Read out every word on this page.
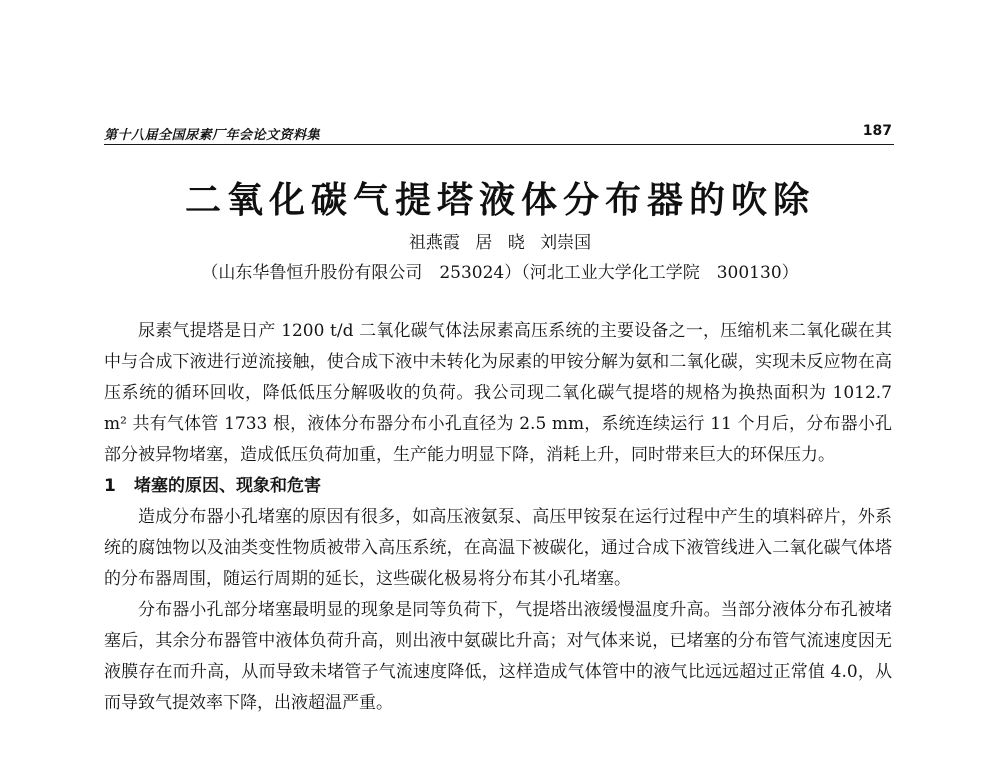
第十八届全国尿素厂年会论文资料集	187
二氧化碳气提塔液体分布器的吹除
祖燕霞 居 晓 刘崇国
（山东华鲁恒升股份有限公司　253024）（河北工业大学化工学院　300130）

尿素气提塔是日产 1200 t/d 二氧化碳气体法尿素高压系统的主要设备之一，压缩机来二氧化碳在其中与合成下液进行逆流接触，使合成下液中未转化为尿素的甲铵分解为氨和二氧化碳，实现未反应物在高压系统的循环回收，降低低压分解吸收的负荷。我公司现二氧化碳气提塔的规格为换热面积为 1012.7 m² 共有气体管 1733 根，液体分布器分布小孔直径为 2.5 mm，系统连续运行 11 个月后，分布器小孔部分被异物堵塞，造成低压负荷加重，生产能力明显下降，消耗上升，同时带来巨大的环保压力。

1 堵塞的原因、现象和危害

造成分布器小孔堵塞的原因有很多，如高压液氨泵、高压甲铵泵在运行过程中产生的填料碎片，外系统的腐蚀物以及油类变性物质被带入高压系统，在高温下被碳化，通过合成下液管线进入二氧化碳气体塔的分布器周围，随运行周期的延长，这些碳化极易将分布其小孔堵塞。

分布器小孔部分堵塞最明显的现象是同等负荷下，气提塔出液缓慢温度升高。当部分液体分布孔被堵塞后，其余分布器管中液体负荷升高，则出液中氨碳比升高；对气体来说，已堵塞的分布管气流速度因无液膜存在而升高，从而导致未堵管子气流速度降低，这样造成气体管中的液气比远远超过正常值 4.0，从而导致气提效率下降，出液超温严重。
